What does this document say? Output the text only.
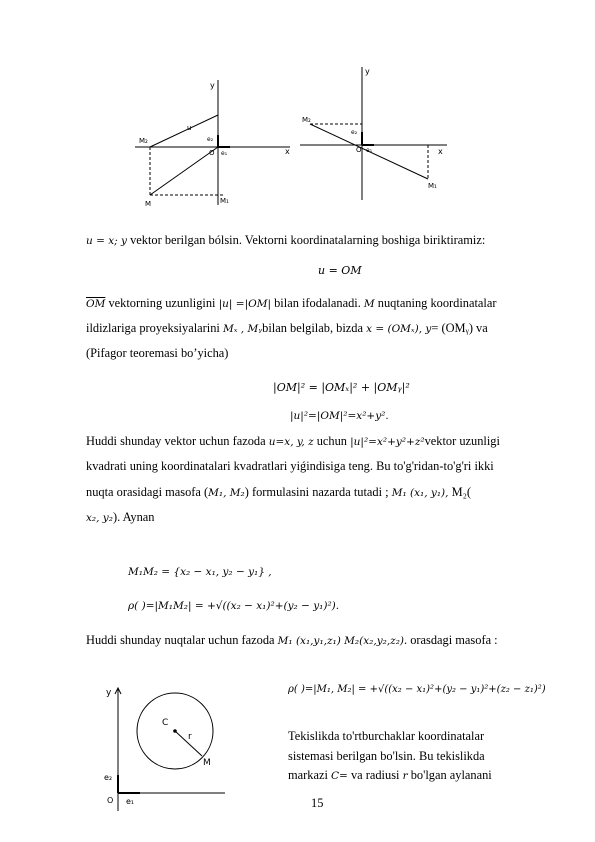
y
x
M₂
u
e₂
O e₁
M₁
M
y
x
M₂
e₂
O e₁
M₁
u = x; y vektor berilgan bólsin. Vektorni koordinatalarning boshiga biriktiramiz:
u = OM
$\overline{OM}$ vektorning uzunligini |u| =|OM| bilan ifodalanadi. M nuqtaning koordinatalar
ildizlariga proyeksiyalarini Mₓ , Mᵧbilan belgilab, bizda x = (OMₓ), y= (OMᵧ) va
(Pifagor teoremasi bo’yicha)
|OM|² = |OMₓ|² + |OMᵧ|²
|u|²=|OM|²=x²+y².
Huddi shunday vektor uchun fazoda u=x, y, z uchun |u|²=x²+y²+z²vektor uzunligi
kvadrati uning koordinatalari kvadratlari yiǵindisiga teng. Bu to'g'ridan-to'g'ri ikki
nuqta orasidagi masofa (M₁, M₂) formulasini nazarda tutadi ; M₁ (x₁, y₁), M₂(
x₂, y₂). Aynan
M₁M₂ = {x₂ − x₁, y₂ − y₁} ,
ρ( )=|M₁M₂| = +√((x₂ − x₁)²+(y₂ − y₁)²).
Huddi shunday nuqtalar uchun fazoda M₁ (x₁,y₁,z₁) M₂(x₂,y₂,z₂). orasdagi masofa :
ρ( )=|M₁, M₂| = +√((x₂ − x₁)²+(y₂ − y₁)²+(z₂ − z₁)²)
Tekislikda to'rtburchaklar koordinatalar
sistemasi berilgan bo'lsin. Bu tekislikda
markazi C= va radiusi r bo'lgan aylanani
y
C
r
M
e₂
O e₁	15
